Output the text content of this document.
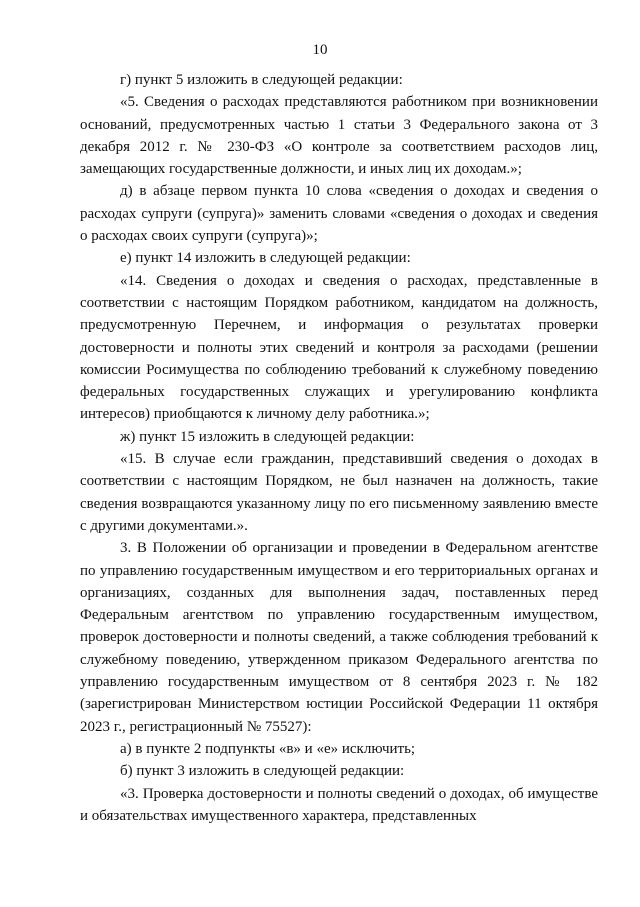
10

г) пункт 5 изложить в следующей редакции:

«5. Сведения о расходах представляются работником при возникновении оснований, предусмотренных частью 1 статьи 3 Федерального закона от 3 декабря 2012 г. № 230-ФЗ «О контроле за соответствием расходов лиц, замещающих государственные должности, и иных лиц их доходам.»;

д) в абзаце первом пункта 10 слова «сведения о доходах и сведения о расходах супруги (супруга)» заменить словами «сведения о доходах и сведения о расходах своих супруги (супруга)»;

е) пункт 14 изложить в следующей редакции:

«14. Сведения о доходах и сведения о расходах, представленные в соответствии с настоящим Порядком работником, кандидатом на должность, предусмотренную Перечнем, и информация о результатах проверки достоверности и полноты этих сведений и контроля за расходами (решении комиссии Росимущества по соблюдению требований к служебному поведению федеральных государственных служащих и урегулированию конфликта интересов) приобщаются к личному делу работника.»;

ж) пункт 15 изложить в следующей редакции:

«15. В случае если гражданин, представивший сведения о доходах в соответствии с настоящим Порядком, не был назначен на должность, такие сведения возвращаются указанному лицу по его письменному заявлению вместе с другими документами.».

3. В Положении об организации и проведении в Федеральном агентстве по управлению государственным имуществом и его территориальных органах и организациях, созданных для выполнения задач, поставленных перед Федеральным агентством по управлению государственным имуществом, проверок достоверности и полноты сведений, а также соблюдения требований к служебному поведению, утвержденном приказом Федерального агентства по управлению государственным имуществом от 8 сентября 2023 г. № 182 (зарегистрирован Министерством юстиции Российской Федерации 11 октября 2023 г., регистрационный № 75527):

а) в пункте 2 подпункты «в» и «е» исключить;

б) пункт 3 изложить в следующей редакции:

«3. Проверка достоверности и полноты сведений о доходах, об имуществе и обязательствах имущественного характера, представленных
